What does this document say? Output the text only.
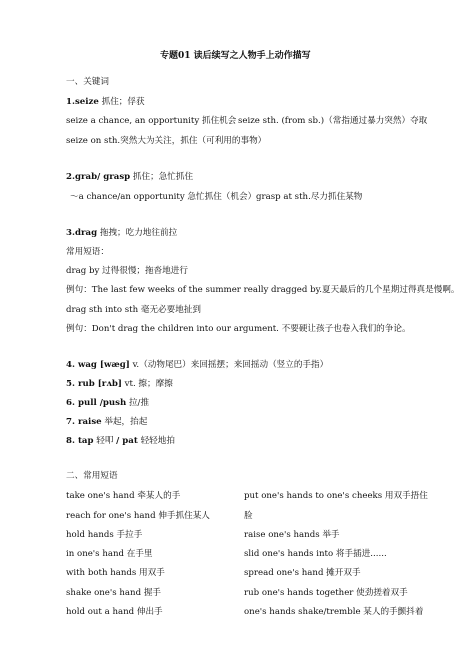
专题01 读后续写之人物手上动作描写
一、关键词
1.seize 抓住；俘获
seize a chance, an opportunity 抓住机会 seize sth. (from sb.)（常指通过暴力突然）夺取
seize on sth.突然大为关注，抓住（可利用的事物）
2.grab/ grasp 抓住；急忙抓住
～a chance/an opportunity 急忙抓住（机会） grasp at sth.尽力抓住某物
3.drag 拖拽；吃力地往前拉
常用短语：
drag by 过得很慢；拖沓地进行
例句：The last few weeks of the summer really dragged by.夏天最后的几个星期过得真是慢啊。
drag sth into sth 毫无必要地扯到
例句：Don't drag the children into our argument. 不要硬让孩子也卷入我们的争论。
4. wag [wæɡ] v.（动物尾巴）来回摇摆；来回摇动（竖立的手指）
5. rub [rʌb] vt. 擦；摩擦
6. pull /push 拉/推
7. raise 举起，抬起
8. tap 轻叩 / pat 轻轻地拍
二、常用短语
take one's hand 牵某人的手
reach for one's hand 伸手抓住某人
hold hands 手拉手
in one's hand 在手里
with both hands 用双手
shake one's hand 握手
hold out a hand 伸出手
put one's hands to one's cheeks 用双手捂住
脸
raise one's hands 举手
slid one's hands into 将手插进......
spread one's hand 摊开双手
rub one's hands together 使劲搓着双手
one's hands shake/tremble 某人的手颤抖着
